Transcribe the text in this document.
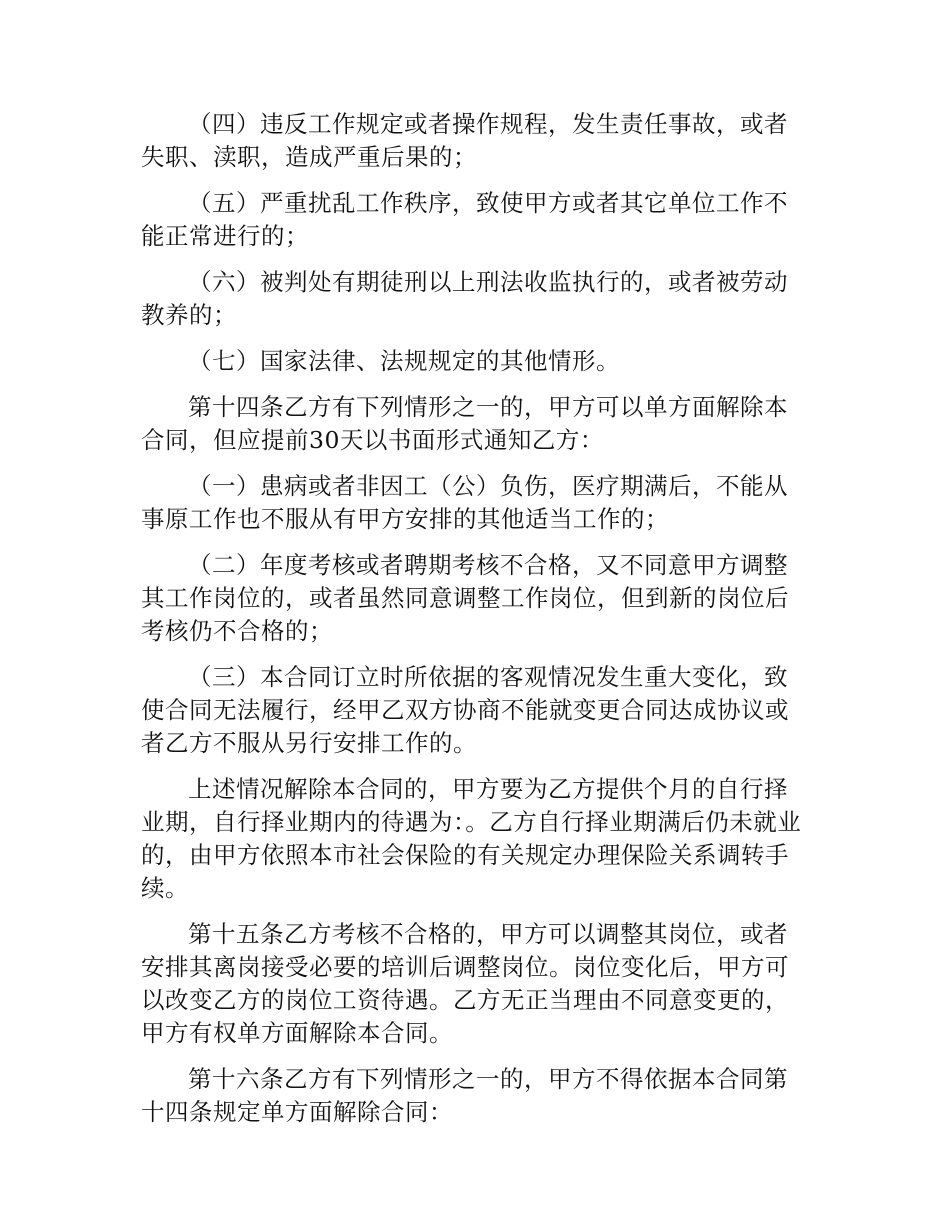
（四）违反工作规定或者操作规程，发生责任事故，或者失职、渎职，造成严重后果的；

（五）严重扰乱工作秩序，致使甲方或者其它单位工作不能正常进行的；

（六）被判处有期徒刑以上刑法收监执行的，或者被劳动教养的；

（七）国家法律、法规规定的其他情形。

第十四条乙方有下列情形之一的，甲方可以单方面解除本合同，但应提前30天以书面形式通知乙方：

（一）患病或者非因工（公）负伤，医疗期满后，不能从事原工作也不服从有甲方安排的其他适当工作的；

（二）年度考核或者聘期考核不合格，又不同意甲方调整其工作岗位的，或者虽然同意调整工作岗位，但到新的岗位后考核仍不合格的；

（三）本合同订立时所依据的客观情况发生重大变化，致使合同无法履行，经甲乙双方协商不能就变更合同达成协议或者乙方不服从另行安排工作的。

上述情况解除本合同的，甲方要为乙方提供个月的自行择业期，自行择业期内的待遇为：。乙方自行择业期满后仍未就业的，由甲方依照本市社会保险的有关规定办理保险关系调转手续。

第十五条乙方考核不合格的，甲方可以调整其岗位，或者安排其离岗接受必要的培训后调整岗位。岗位变化后，甲方可以改变乙方的岗位工资待遇。乙方无正当理由不同意变更的，甲方有权单方面解除本合同。

第十六条乙方有下列情形之一的，甲方不得依据本合同第十四条规定单方面解除合同：
